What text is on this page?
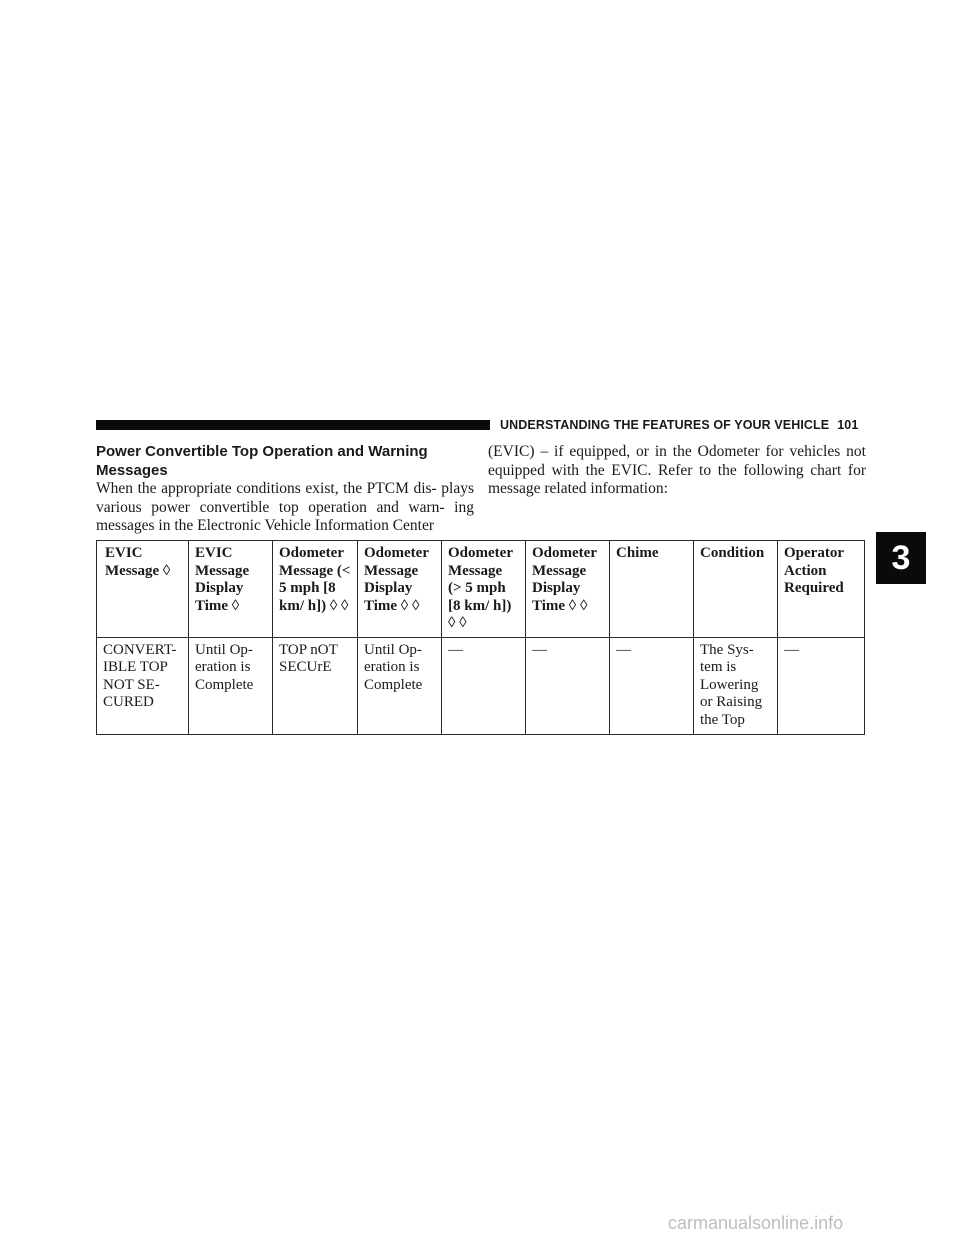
UNDERSTANDING THE FEATURES OF YOUR VEHICLE 101
Power Convertible Top Operation and Warning Messages
When the appropriate conditions exist, the PTCM dis- plays various power convertible top operation and warn- ing messages in the Electronic Vehicle Information Center
(EVIC) – if equipped, or in the Odometer for vehicles not equipped with the EVIC. Refer to the following chart for message related information:
EVIC Message ◊	EVIC Message Display Time ◊	Odometer Message (< 5 mph [8 km/ h]) ◊ ◊	Odometer Message Display Time ◊ ◊	Odometer Message (> 5 mph [8 km/ h]) ◊ ◊	Odometer Message Display Time ◊ ◊	Chime	Condition	Operator Action Required
CONVERT- IBLE TOP NOT SE- CURED	Until Op- eration is Complete	TOP nOT SECUrE	Until Op- eration is Complete	—	—	—	The Sys- tem is Lowering or Raising the Top	—
3
carmanualsonline.info
